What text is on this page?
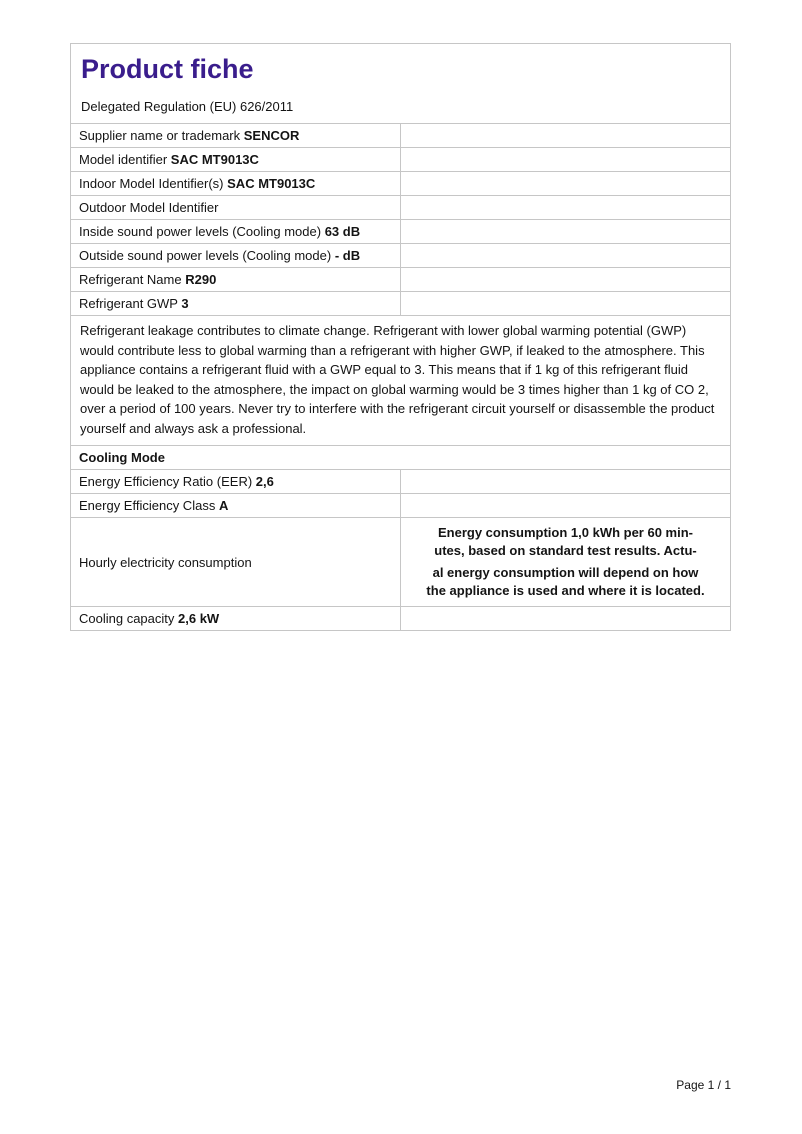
Product fiche

Delegated Regulation (EU) 626/2011

Supplier name or trademark SENCOR
Model identifier SAC MT9013C
Indoor Model Identifier(s) SAC MT9013C
Outdoor Model Identifier
Inside sound power levels (Cooling mode) 63 dB
Outside sound power levels (Cooling mode) - dB
Refrigerant Name R290
Refrigerant GWP 3
Refrigerant leakage contributes to climate change. Refrigerant with lower global warming potential (GWP) would contribute less to global warming than a refrigerant with higher GWP, if leaked to the atmosphere. This appliance contains a refrigerant fluid with a GWP equal to 3. This means that if 1 kg of this refrigerant fluid would be leaked to the atmosphere, the impact on global warming would be 3 times higher than 1 kg of CO 2, over a period of 100 years. Never try to interfere with the refrigerant circuit yourself or disassemble the product yourself and always ask a professional.
Cooling Mode
Energy Efficiency Ratio (EER) 2,6
Energy Efficiency Class A
Hourly electricity consumption
Energy consumption 1,0 kWh per 60 min-
utes, based on standard test results. Actu-
al energy consumption will depend on how
the appliance is used and where it is located.
Cooling capacity 2,6 kW
Page 1 / 1
